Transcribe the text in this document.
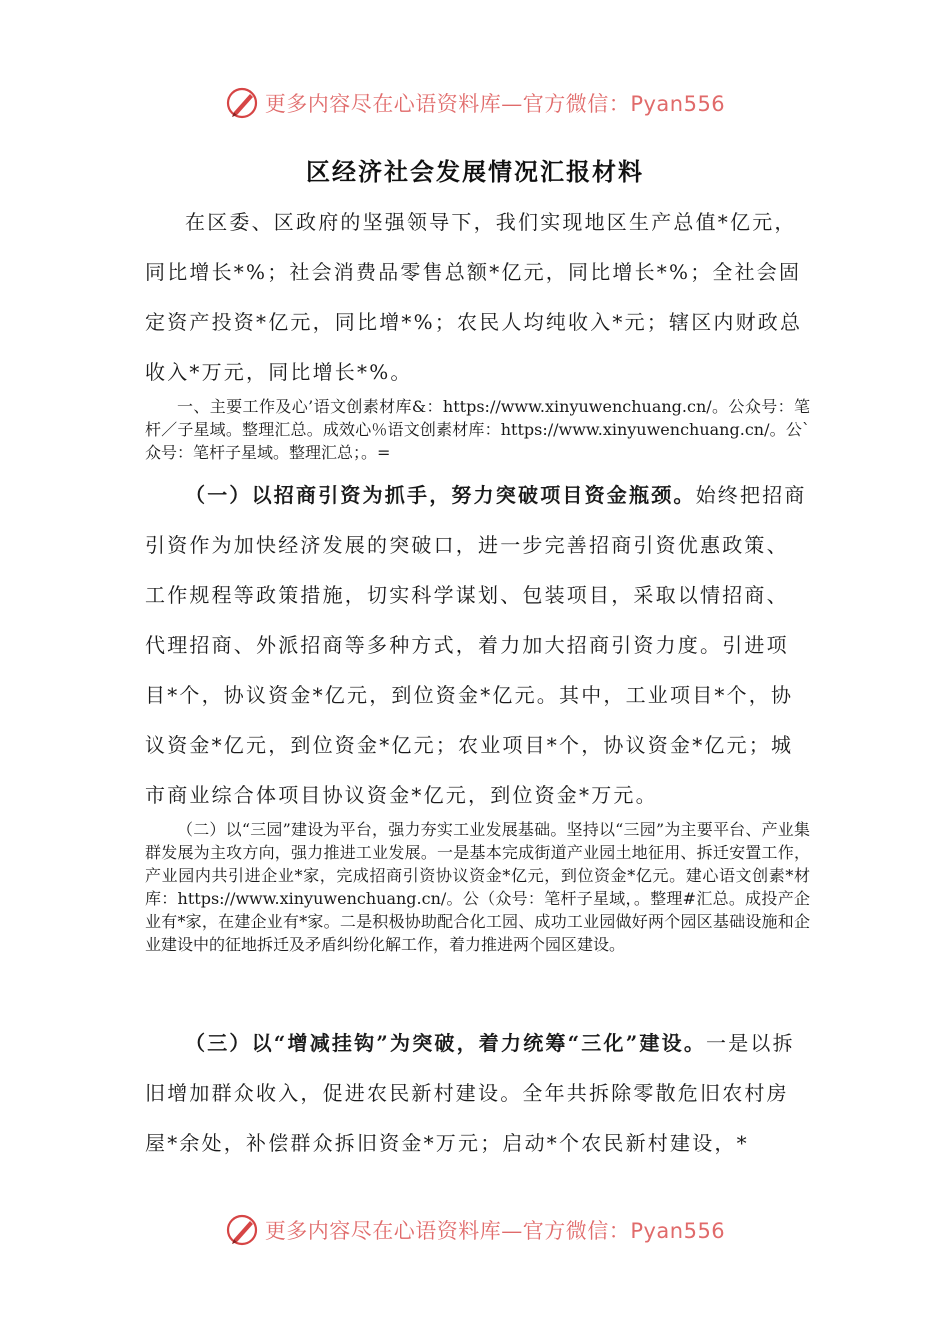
更多内容尽在心语资料库—官方微信：Pyan556
区经济社会发展情况汇报材料

在区委、区政府的坚强领导下，我们实现地区生产总值*亿元，同比增长*%；社会消费品零售总额*亿元，同比增长*%；全社会固定资产投资*亿元，同比增*%；农民人均纯收入*元；辖区内财政总收入*万元，同比增长*%。

一、主要工作及心’语文创素材库&：https://www.xinyuwenchuang.cn/。公众号：笔杆／子星域。整理汇总。成效心％语文创素材库：https://www.xinyuwenchuang.cn/。公`众号：笔杆子星域。整理汇总；。=

（一）以招商引资为抓手，努力突破项目资金瓶颈。始终把招商引资作为加快经济发展的突破口，进一步完善招商引资优惠政策、工作规程等政策措施，切实科学谋划、包装项目，采取以情招商、代理招商、外派招商等多种方式，着力加大招商引资力度。引进项目*个，协议资金*亿元，到位资金*亿元。其中，工业项目*个，协议资金*亿元，到位资金*亿元；农业项目*个，协议资金*亿元；城市商业综合体项目协议资金*亿元，到位资金*万元。

（二）以“三园”建设为平台，强力夯实工业发展基础。坚持以“三园”为主要平台、产业集群发展为主攻方向，强力推进工业发展。一是基本完成街道产业园土地征用、拆迁安置工作，产业园内共引进企业*家，完成招商引资协议资金*亿元，到位资金*亿元。建心语文创素*材库：https://www.xinyuwenchuang.cn/。公（众号：笔杆子星域，。整理#汇总。成投产企业有*家，在建企业有*家。二是积极协助配合化工园、成功工业园做好两个园区基础设施和企业建设中的征地拆迁及矛盾纠纷化解工作，着力推进两个园区建设。

（三）以“增减挂钩”为突破，着力统筹“三化”建设。一是以拆旧增加群众收入，促进农民新村建设。全年共拆除零散危旧农村房屋*余处，补偿群众拆旧资金*万元；启动*个农民新村建设，*

更多内容尽在心语资料库—官方微信：Pyan556
